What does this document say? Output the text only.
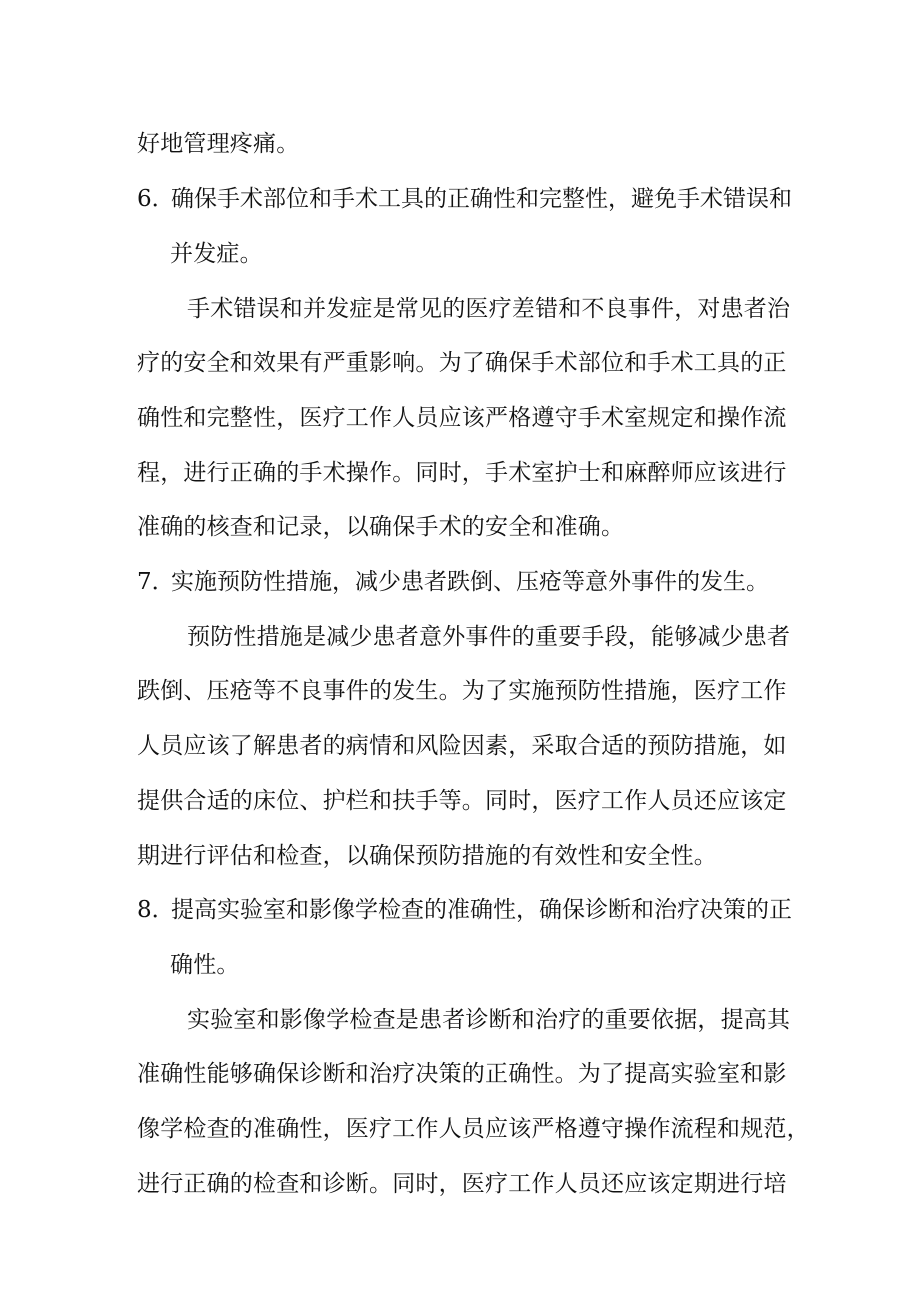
好地管理疼痛。
6．确保手术部位和手术工具的正确性和完整性，避免手术错误和
并发症。
手术错误和并发症是常见的医疗差错和不良事件，对患者治
疗的安全和效果有严重影响。为了确保手术部位和手术工具的正
确性和完整性，医疗工作人员应该严格遵守手术室规定和操作流
程，进行正确的手术操作。同时，手术室护士和麻醉师应该进行
准确的核查和记录，以确保手术的安全和准确。
7．实施预防性措施，减少患者跌倒、压疮等意外事件的发生。
预防性措施是减少患者意外事件的重要手段，能够减少患者
跌倒、压疮等不良事件的发生。为了实施预防性措施，医疗工作
人员应该了解患者的病情和风险因素，采取合适的预防措施，如
提供合适的床位、护栏和扶手等。同时，医疗工作人员还应该定
期进行评估和检查，以确保预防措施的有效性和安全性。
8．提高实验室和影像学检查的准确性，确保诊断和治疗决策的正
确性。
实验室和影像学检查是患者诊断和治疗的重要依据，提高其
准确性能够确保诊断和治疗决策的正确性。为了提高实验室和影
像学检查的准确性，医疗工作人员应该严格遵守操作流程和规范，
进行正确的检查和诊断。同时，医疗工作人员还应该定期进行培
